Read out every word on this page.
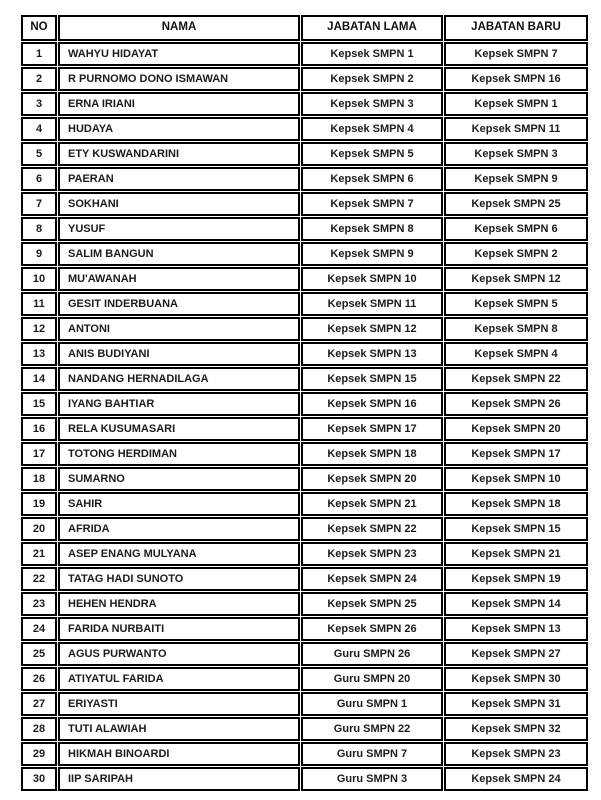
NO	NAMA	JABATAN LAMA	JABATAN BARU
1	WAHYU HIDAYAT	Kepsek SMPN 1	Kepsek SMPN 7
2	R PURNOMO DONO ISMAWAN	Kepsek SMPN 2	Kepsek SMPN 16
3	ERNA IRIANI	Kepsek SMPN 3	Kepsek SMPN 1
4	HUDAYA	Kepsek SMPN 4	Kepsek SMPN 11
5	ETY KUSWANDARINI	Kepsek SMPN 5	Kepsek SMPN 3
6	PAERAN	Kepsek SMPN 6	Kepsek SMPN 9
7	SOKHANI	Kepsek SMPN 7	Kepsek SMPN 25
8	YUSUF	Kepsek SMPN 8	Kepsek SMPN 6
9	SALIM BANGUN	Kepsek SMPN 9	Kepsek SMPN 2
10	MU'AWANAH	Kepsek SMPN 10	Kepsek SMPN 12
11	GESIT INDERBUANA	Kepsek SMPN 11	Kepsek SMPN 5
12	ANTONI	Kepsek SMPN 12	Kepsek SMPN 8
13	ANIS BUDIYANI	Kepsek SMPN 13	Kepsek SMPN 4
14	NANDANG HERNADILAGA	Kepsek SMPN 15	Kepsek SMPN 22
15	IYANG BAHTIAR	Kepsek SMPN 16	Kepsek SMPN 26
16	RELA KUSUMASARI	Kepsek SMPN 17	Kepsek SMPN 20
17	TOTONG HERDIMAN	Kepsek SMPN 18	Kepsek SMPN 17
18	SUMARNO	Kepsek SMPN 20	Kepsek SMPN 10
19	SAHIR	Kepsek SMPN 21	Kepsek SMPN 18
20	AFRIDA	Kepsek SMPN 22	Kepsek SMPN 15
21	ASEP ENANG MULYANA	Kepsek SMPN 23	Kepsek SMPN 21
22	TATAG HADI SUNOTO	Kepsek SMPN 24	Kepsek SMPN 19
23	HEHEN HENDRA	Kepsek SMPN 25	Kepsek SMPN 14
24	FARIDA NURBAITI	Kepsek SMPN 26	Kepsek SMPN 13
25	AGUS PURWANTO	Guru SMPN 26	Kepsek SMPN 27
26	ATIYATUL FARIDA	Guru SMPN 20	Kepsek SMPN 30
27	ERIYASTI	Guru SMPN 1	Kepsek SMPN 31
28	TUTI ALAWIAH	Guru SMPN 22	Kepsek SMPN 32
29	HIKMAH BINOARDI	Guru SMPN 7	Kepsek SMPN 23
30	IIP SARIPAH	Guru SMPN 3	Kepsek SMPN 24
